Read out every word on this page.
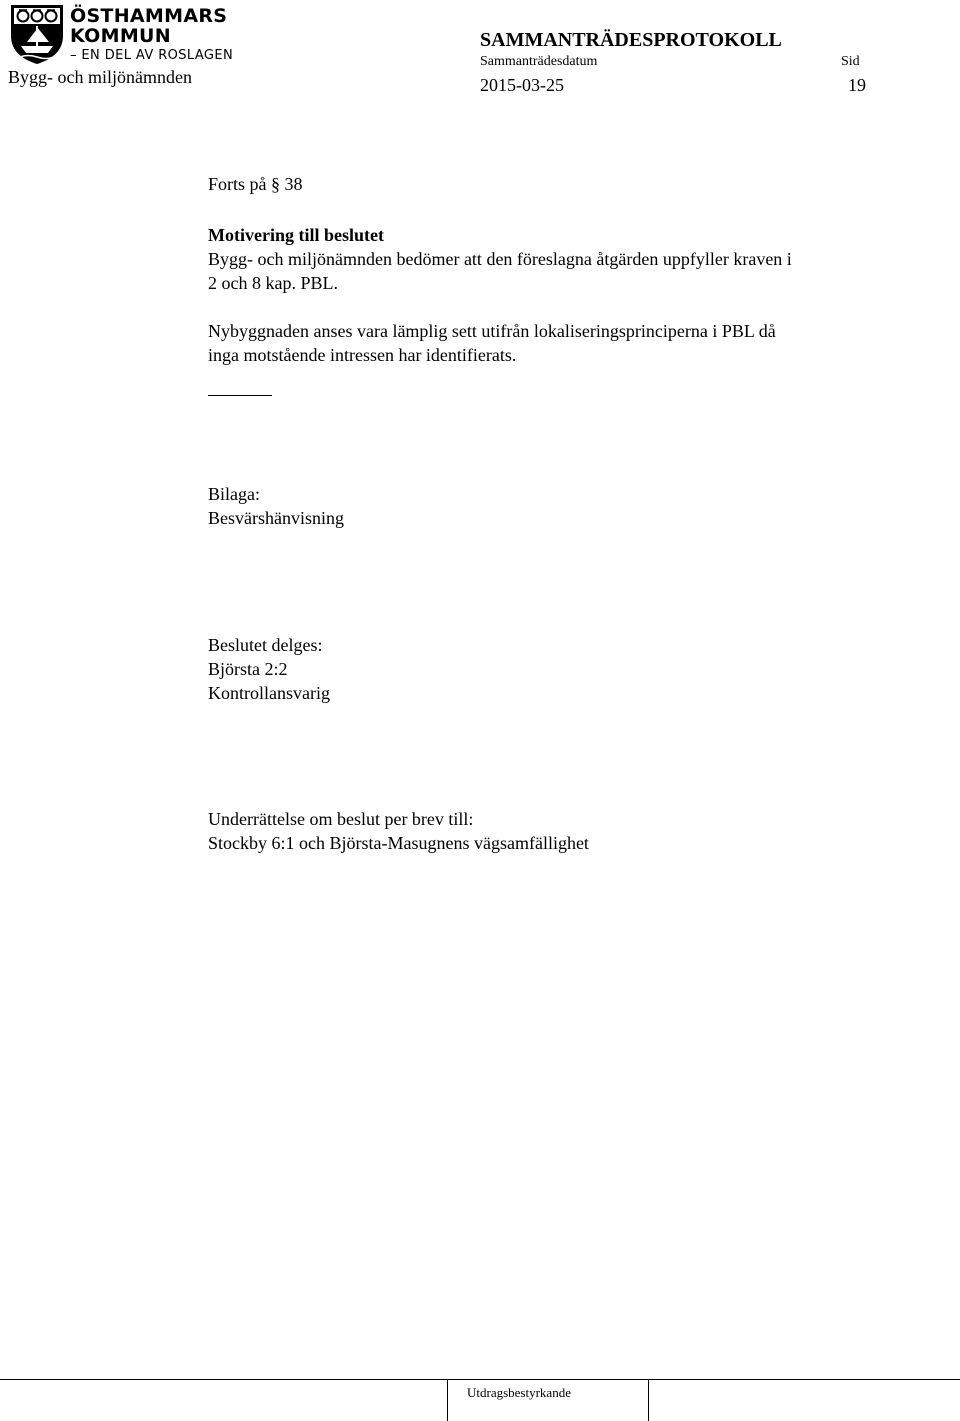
ÖSTHAMMARS
KOMMUN
– EN DEL AV ROSLAGEN
Bygg- och miljönämnden
SAMMANTRÄDESPROTOKOLL
Sammanträdesdatum	Sid
2015-03-25	19

Forts på § 38

Motivering till beslutet

Bygg- och miljönämnden bedömer att den föreslagna åtgärden uppfyller kraven i

2 och 8 kap. PBL.

Nybyggnaden anses vara lämplig sett utifrån lokaliseringsprinciperna i PBL då

inga motstående intressen har identifierats.

Bilaga:

Besvärshänvisning

Beslutet delges:

Björsta 2:2

Kontrollansvarig

Underrättelse om beslut per brev till:

Stockby 6:1 och Björsta-Masugnens vägsamfällighet

Utdragsbestyrkande
